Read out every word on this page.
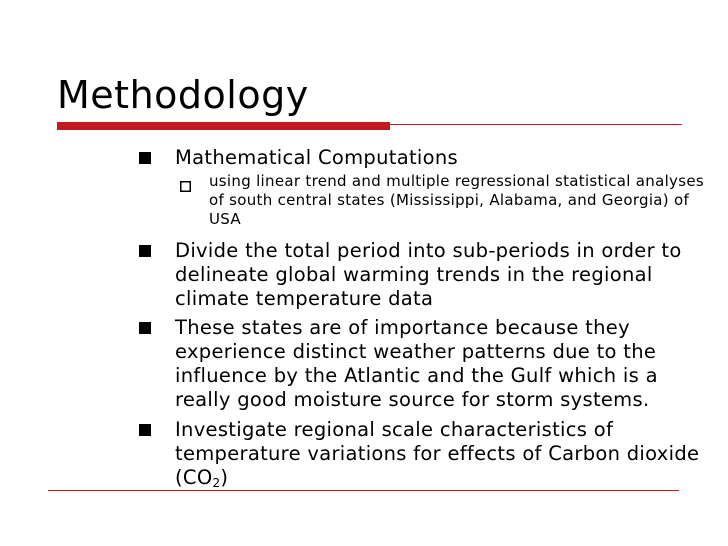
Methodology
Mathematical Computations
using linear trend and multiple regressional statistical analyses of south central states (Mississippi, Alabama, and Georgia) of USA
Divide the total period into sub-periods in order to delineate global warming trends in the regional climate temperature data
These states are of importance because they experience distinct weather patterns due to the influence by the Atlantic and the Gulf which is a really good moisture source for storm systems.
Investigate regional scale characteristics of temperature variations for effects of Carbon dioxide $(CO_2)$
